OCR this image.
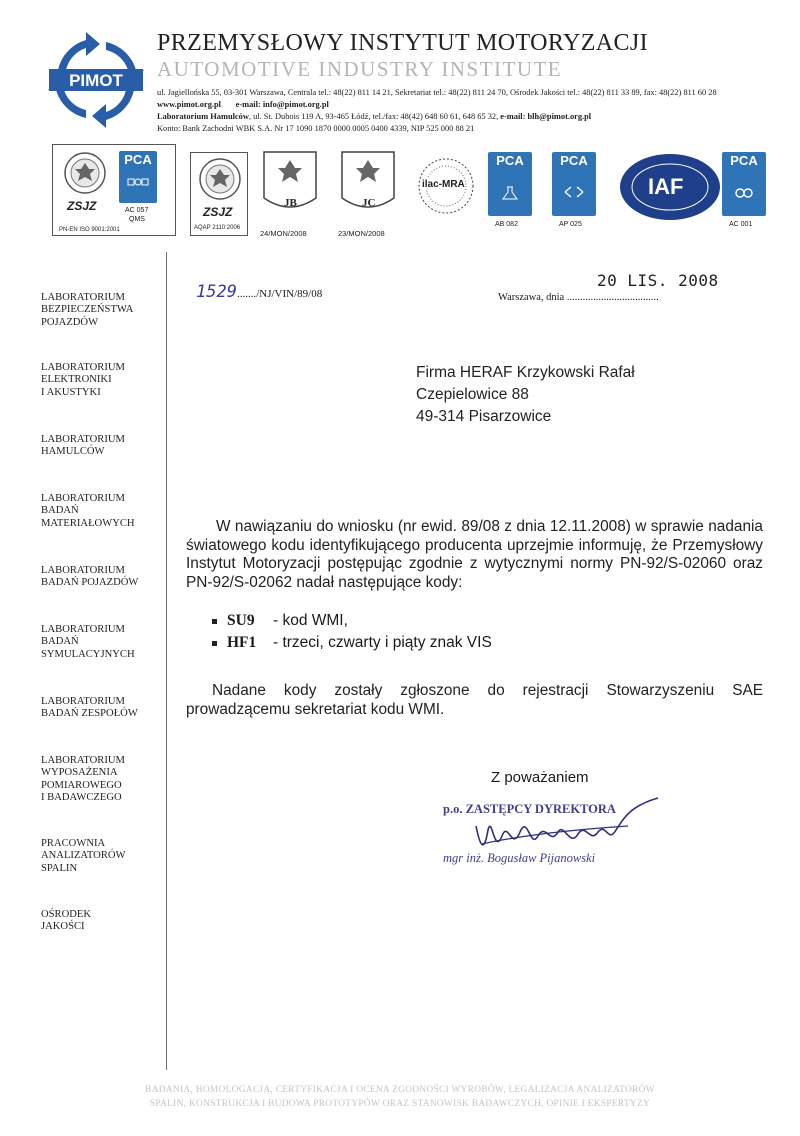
PIMOT
PRZEMYSŁOWY INSTYTUT MOTORYZACJI
AUTOMOTIVE INDUSTRY INSTITUTE
ul. Jagiellońska 55, 03-301 Warszawa, Centrala tel.: 48(22) 811 14 21, Sekretariat tel.: 48(22) 811 24 70, Ośrodek Jakości tel.: 48(22) 811 33 89, fax: 48(22) 811 60 28
www.pimot.org.pl e-mail: info@pimot.org.pl
Laboratorium Hamulców, ul. St. Dubois 119 A, 93-465 Łódź, tel./fax: 48(42) 648 60 61, 648 65 32, e-mail: blh@pimot.org.pl
Konto: Bank Zachodni WBK S.A. Nr 17 1090 1870 0000 0005 0400 4339, NIP 525 000 88 21
ZSJZ
PCA
AC 057
QMS
PN-EN ISO 9001:2001
ZSJZ
AQAP 2110:2006
JB
24/MON/2008
JC
23/MON/2008
ilac-MRA
PCA
AB 082
PCA
AP 025
IAF
PCA
AC 001
LABORATORIUM
BEZPIECZEŃSTWA
POJAZDÓW
LABORATORIUM
ELEKTRONIKI
I AKUSTYKI
LABORATORIUM
HAMULCÓW
LABORATORIUM
BADAŃ
MATERIAŁOWYCH
LABORATORIUM
BADAŃ POJAZDÓW
LABORATORIUM
BADAŃ
SYMULACYJNYCH
LABORATORIUM
BADAŃ ZESPOŁÓW
LABORATORIUM
WYPOSAŻENIA
POMIAROWEGO
I BADAWCZEGO
PRACOWNIA
ANALIZATORÓW
SPALIN
OŚRODEK
JAKOŚCI
1529......./NJ/VIN/89/08
20 LIS. 2008
Warszawa, dnia ...................................
Firma HERAF Krzykowski Rafał
Czepielowice 88
49-314 Pisarzowice
W nawiązaniu do wniosku (nr ewid. 89/08 z dnia 12.11.2008) w sprawie nadania światowego kodu identyfikującego producenta uprzejmie informuję, że Przemysłowy Instytut Motoryzacji postępując zgodnie z wytycznymi normy PN-92/S-02060 oraz PN-92/S-02062 nadał następujące kody:
SU9 - kod WMI,
HF1 - trzeci, czwarty i piąty znak VIS
Nadane kody zostały zgłoszone do rejestracji Stowarzyszeniu SAE prowadzącemu sekretariat kodu WMI.
Z poważaniem
p.o. ZASTĘPCY DYREKTORA
mgr inż. Bogusław Pijanowski
BADANIA, HOMOLOGACJA, CERTYFIKACJA I OCENA ZGODNOŚCI WYROBÓW, LEGALIZACJA ANALIZATORÓW
SPALIN, KONSTRUKCJA I BUDOWA PROTOTYPÓW ORAZ STANOWISK BADAWCZYCH, OPINIE I EKSPERTYZY
